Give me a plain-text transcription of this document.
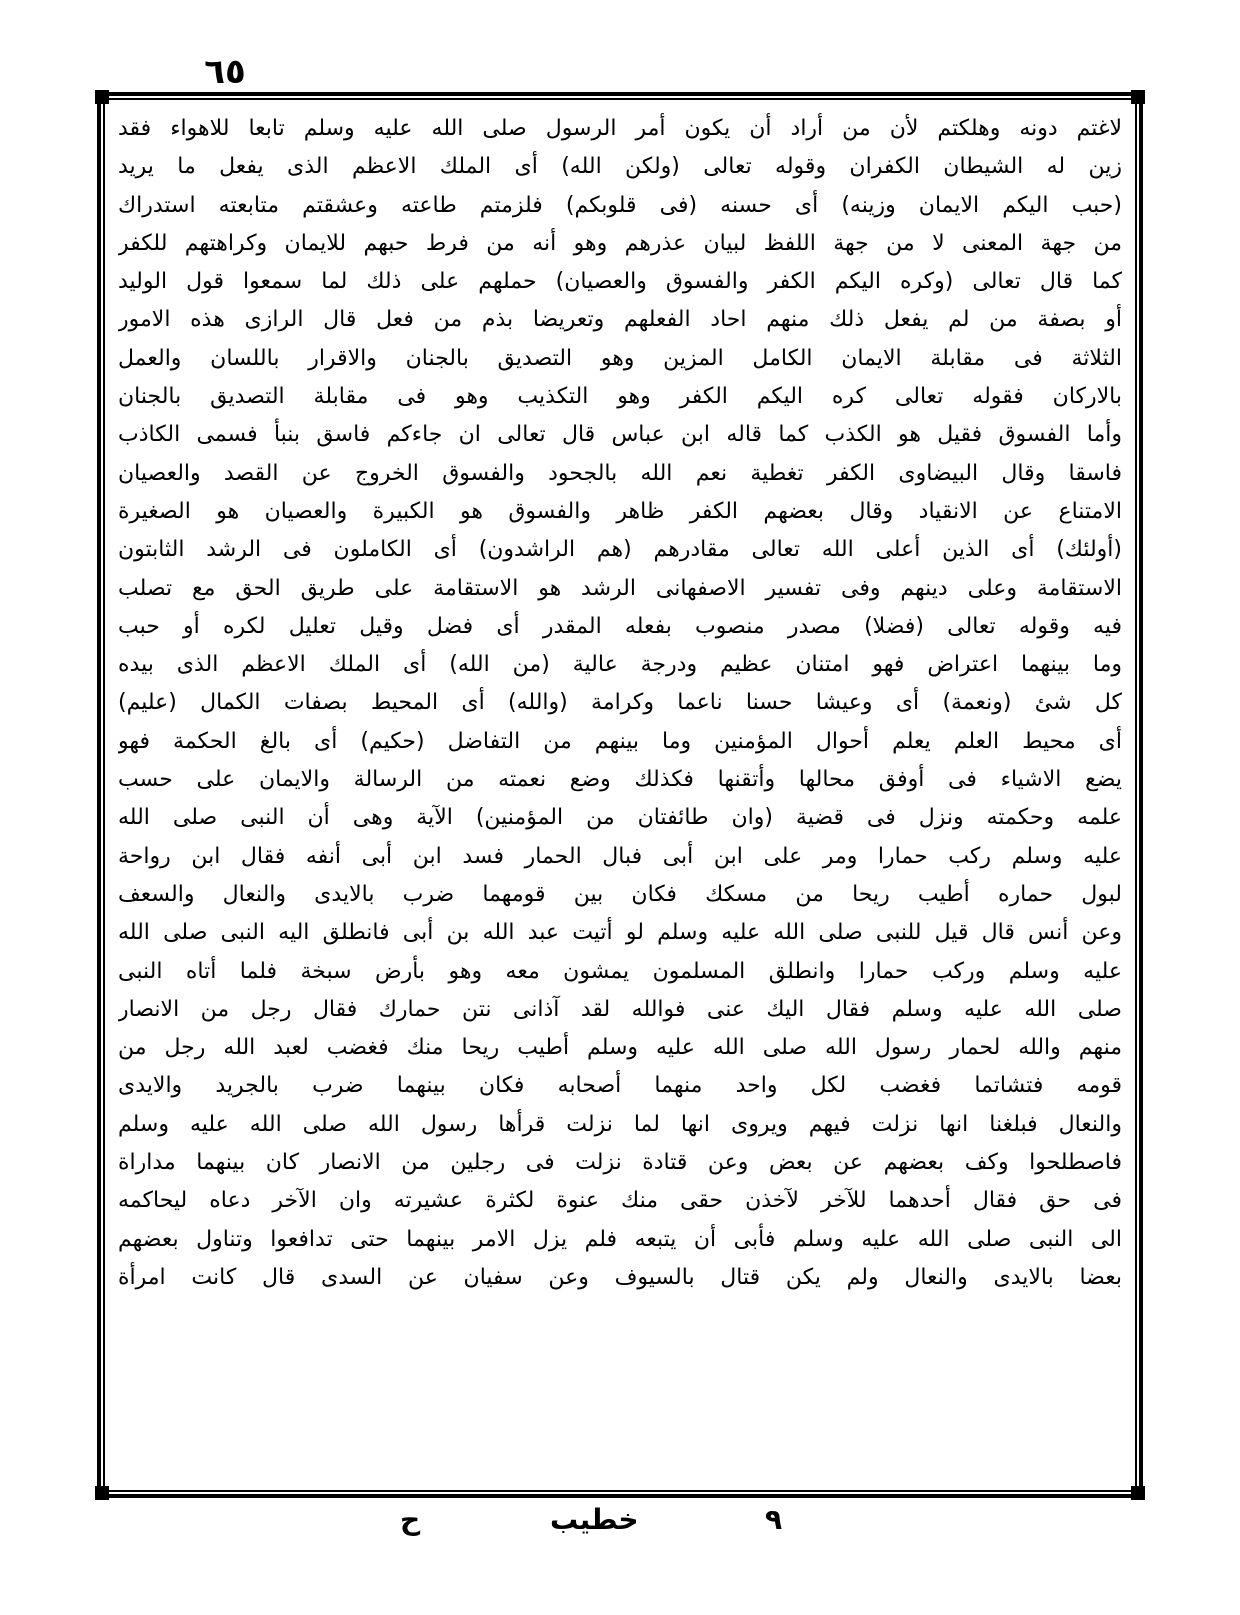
٦٥
لاغتم دونه وهلكتم لأن من أراد أن يكون أمر الرسول صلى الله عليه وسلم تابعا للاهواء فقد
زين له الشيطان الكفران وقوله تعالى (ولكن الله) أى الملك الاعظم الذى يفعل ما يريد
(حبب اليكم الايمان وزينه) أى حسنه (فى قلوبكم) فلزمتم طاعته وعشقتم متابعته استدراك
من جهة المعنى لا من جهة اللفظ لبيان عذرهم وهو أنه من فرط حبهم للايمان وكراهتهم للكفر
كما قال تعالى (وكره اليكم الكفر والفسوق والعصيان) حملهم على ذلك لما سمعوا قول الوليد
أو بصفة من لم يفعل ذلك منهم احاد الفعلهم وتعريضا بذم من فعل قال الرازى هذه الامور
الثلاثة فى مقابلة الايمان الكامل المزين وهو التصديق بالجنان والاقرار باللسان والعمل
بالاركان فقوله تعالى كره اليكم الكفر وهو التكذيب وهو فى مقابلة التصديق بالجنان
وأما الفسوق فقيل هو الكذب كما قاله ابن عباس قال تعالى ان جاءكم فاسق بنبأ فسمى الكاذب
فاسقا وقال البيضاوى الكفر تغطية نعم الله بالجحود والفسوق الخروج عن القصد والعصيان
الامتناع عن الانقياد وقال بعضهم الكفر ظاهر والفسوق هو الكبيرة والعصيان هو الصغيرة
(أولئك) أى الذين أعلى الله تعالى مقادرهم (هم الراشدون) أى الكاملون فى الرشد الثابتون
الاستقامة وعلى دينهم وفى تفسير الاصفهانى الرشد هو الاستقامة على طريق الحق مع تصلب
فيه وقوله تعالى (فضلا) مصدر منصوب بفعله المقدر أى فضل وقيل تعليل لكره أو حبب
وما بينهما اعتراض فهو امتنان عظيم ودرجة عالية (من الله) أى الملك الاعظم الذى بيده
كل شئ (ونعمة) أى وعيشا حسنا ناعما وكرامة (والله) أى المحيط بصفات الكمال (عليم)
أى محيط العلم يعلم أحوال المؤمنين وما بينهم من التفاضل (حكيم) أى بالغ الحكمة فهو
يضع الاشياء فى أوفق محالها وأتقنها فكذلك وضع نعمته من الرسالة والايمان على حسب
علمه وحكمته ونزل فى قضية (وان طائفتان من المؤمنين) الآية وهى أن النبى صلى الله
عليه وسلم ركب حمارا ومر على ابن أبى فبال الحمار فسد ابن أبى أنفه فقال ابن رواحة
لبول حماره أطيب ريحا من مسكك فكان بين قومهما ضرب بالايدى والنعال والسعف
وعن أنس قال قيل للنبى صلى الله عليه وسلم لو أتيت عبد الله بن أبى فانطلق اليه النبى صلى الله
عليه وسلم وركب حمارا وانطلق المسلمون يمشون معه وهو بأرض سبخة فلما أتاه النبى
صلى الله عليه وسلم فقال اليك عنى فوالله لقد آذانى نتن حمارك فقال رجل من الانصار
منهم والله لحمار رسول الله صلى الله عليه وسلم أطيب ريحا منك فغضب لعبد الله رجل من
قومه فتشاتما فغضب لكل واحد منهما أصحابه فكان بينهما ضرب بالجريد والايدى
والنعال فبلغنا انها نزلت فيهم ويروى انها لما نزلت قرأها رسول الله صلى الله عليه وسلم
فاصطلحوا وكف بعضهم عن بعض وعن قتادة نزلت فى رجلين من الانصار كان بينهما مداراة
فى حق فقال أحدهما للآخر لآخذن حقى منك عنوة لكثرة عشيرته وان الآخر دعاه ليحاكمه
الى النبى صلى الله عليه وسلم فأبى أن يتبعه فلم يزل الامر بينهما حتى تدافعوا وتناول بعضهم
بعضا بالايدى والنعال ولم يكن قتال بالسيوف وعن سفيان عن السدى قال كانت امرأة
ح	خطيب	٩
